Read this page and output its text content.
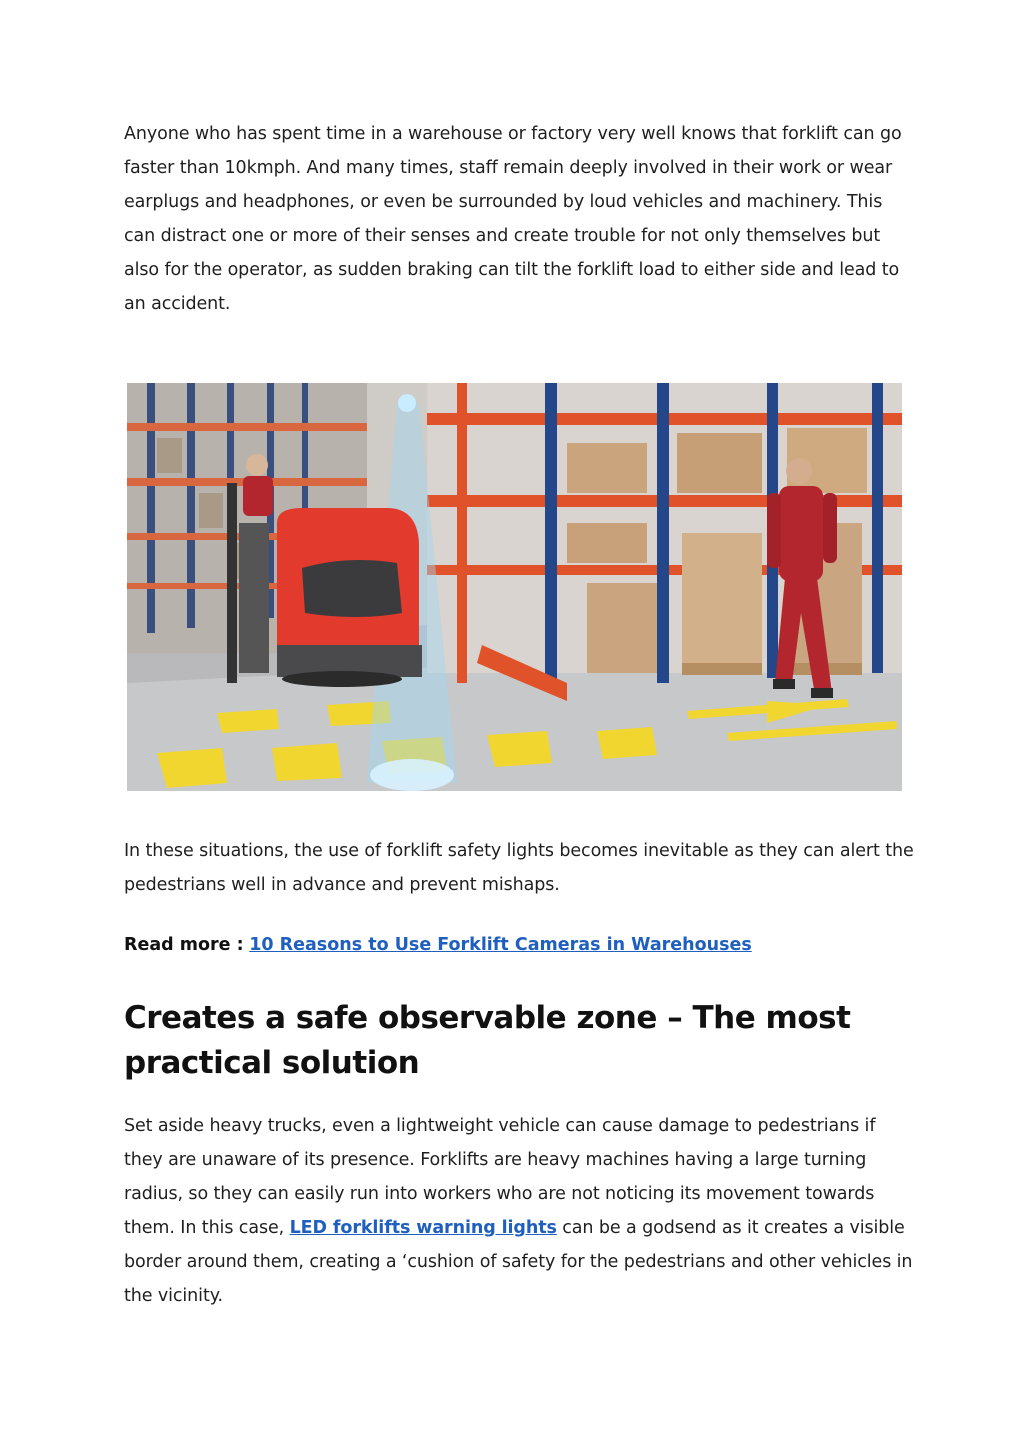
Anyone who has spent time in a warehouse or factory very well knows that forklift can go faster than 10kmph. And many times, staff remain deeply involved in their work or wear earplugs and headphones, or even be surrounded by loud vehicles and machinery. This can distract one or more of their senses and create trouble for not only themselves but also for the operator, as sudden braking can tilt the forklift load to either side and lead to an accident.

In these situations, the use of forklift safety lights becomes inevitable as they can alert the pedestrians well in advance and prevent mishaps.

Read more : 10 Reasons to Use Forklift Cameras in Warehouses
Creates a safe observable zone – The most practical solution

Set aside heavy trucks, even a lightweight vehicle can cause damage to pedestrians if they are unaware of its presence. Forklifts are heavy machines having a large turning radius, so they can easily run into workers who are not noticing its movement towards them. In this case, LED forklifts warning lights can be a godsend as it creates a visible border around them, creating a ‘cushion of safety for the pedestrians and other vehicles in the vicinity.
